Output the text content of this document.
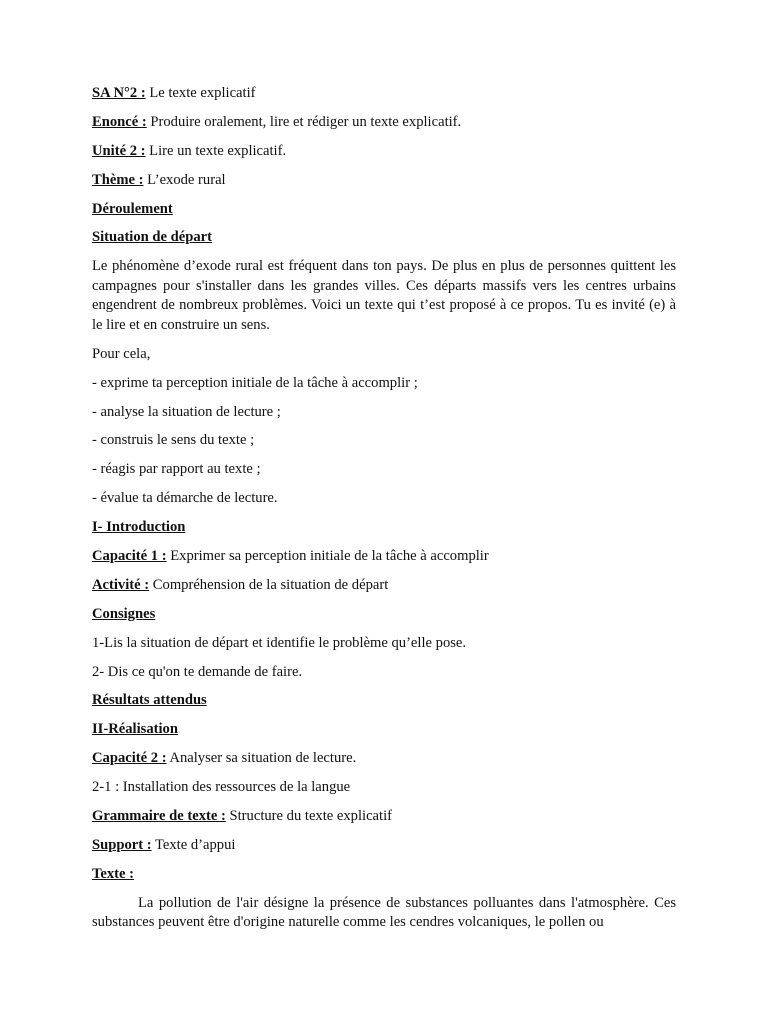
SA N°2 : Le texte explicatif

Enoncé : Produire oralement, lire et rédiger un texte explicatif.

Unité 2 : Lire un texte explicatif.

Thème : L’exode rural

Déroulement

Situation de départ

Le phénomène d’exode rural est fréquent dans ton pays. De plus en plus de personnes quittent les campagnes pour s'installer dans les grandes villes. Ces départs massifs vers les centres urbains engendrent de nombreux problèmes. Voici un texte qui t’est proposé à ce propos. Tu es invité (e) à le lire et en construire un sens.

Pour cela,

- exprime ta perception initiale de la tâche à accomplir ;

- analyse la situation de lecture ;

- construis le sens du texte ;

- réagis par rapport au texte ;

- évalue ta démarche de lecture.

I- Introduction

Capacité 1 : Exprimer sa perception initiale de la tâche à accomplir

Activité : Compréhension de la situation de départ

Consignes

1-Lis la situation de départ et identifie le problème qu’elle pose.

2- Dis ce qu'on te demande de faire.

Résultats attendus

II-Réalisation

Capacité 2 : Analyser sa situation de lecture.

2-1 : Installation des ressources de la langue

Grammaire de texte : Structure du texte explicatif

Support : Texte d’appui

Texte :

La pollution de l'air désigne la présence de substances polluantes dans l'atmosphère. Ces substances peuvent être d'origine naturelle comme les cendres volcaniques, le pollen ou
